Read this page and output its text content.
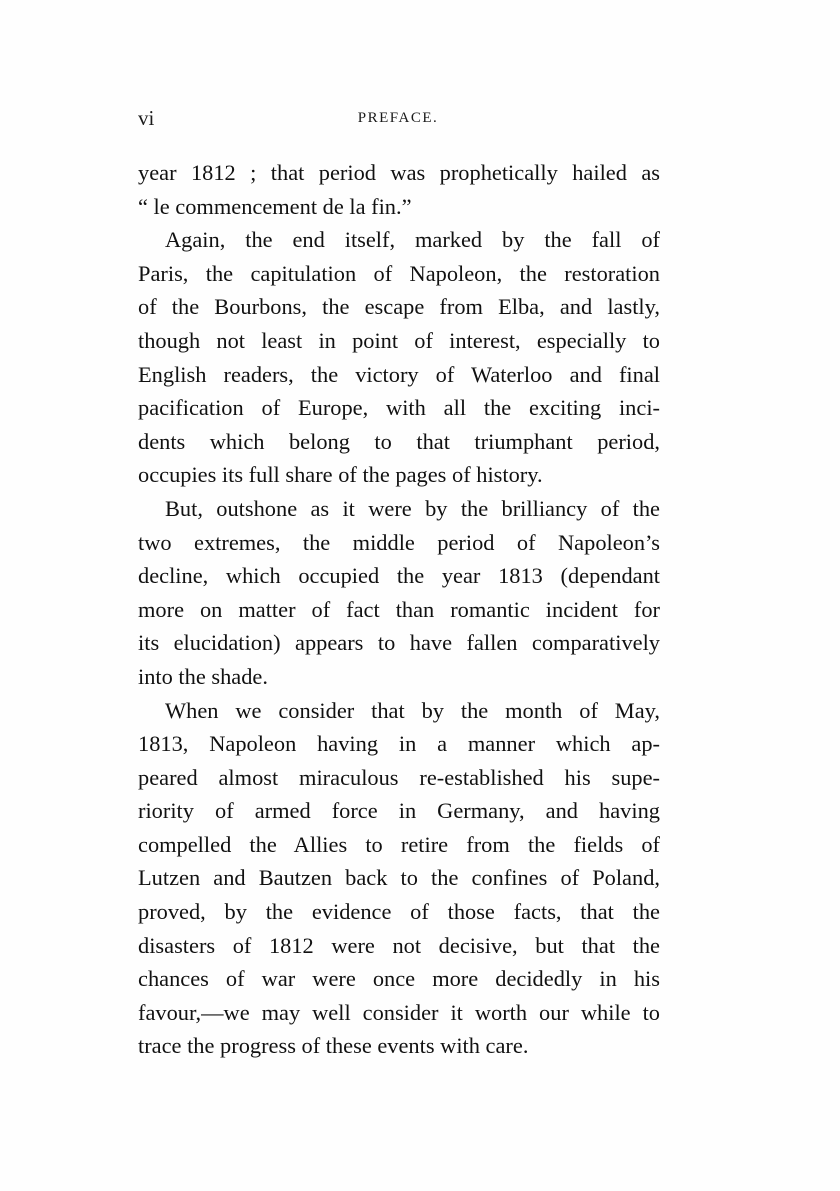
vi	PREFACE.
year 1812 ; that period was prophetically hailed as
“ le commencement de la fin.”
Again, the end itself, marked by the fall of
Paris, the capitulation of Napoleon, the restoration
of the Bourbons, the escape from Elba, and lastly,
though not least in point of interest, especially to
English readers, the victory of Waterloo and final
pacification of Europe, with all the exciting inci-
dents which belong to that triumphant period,
occupies its full share of the pages of history.
But, outshone as it were by the brilliancy of the
two extremes, the middle period of Napoleon’s
decline, which occupied the year 1813 (dependant
more on matter of fact than romantic incident for
its elucidation) appears to have fallen comparatively
into the shade.
When we consider that by the month of May,
1813, Napoleon having in a manner which ap-
peared almost miraculous re-established his supe-
riority of armed force in Germany, and having
compelled the Allies to retire from the fields of
Lutzen and Bautzen back to the confines of Poland,
proved, by the evidence of those facts, that the
disasters of 1812 were not decisive, but that the
chances of war were once more decidedly in his
favour,—we may well consider it worth our while to
trace the progress of these events with care.
